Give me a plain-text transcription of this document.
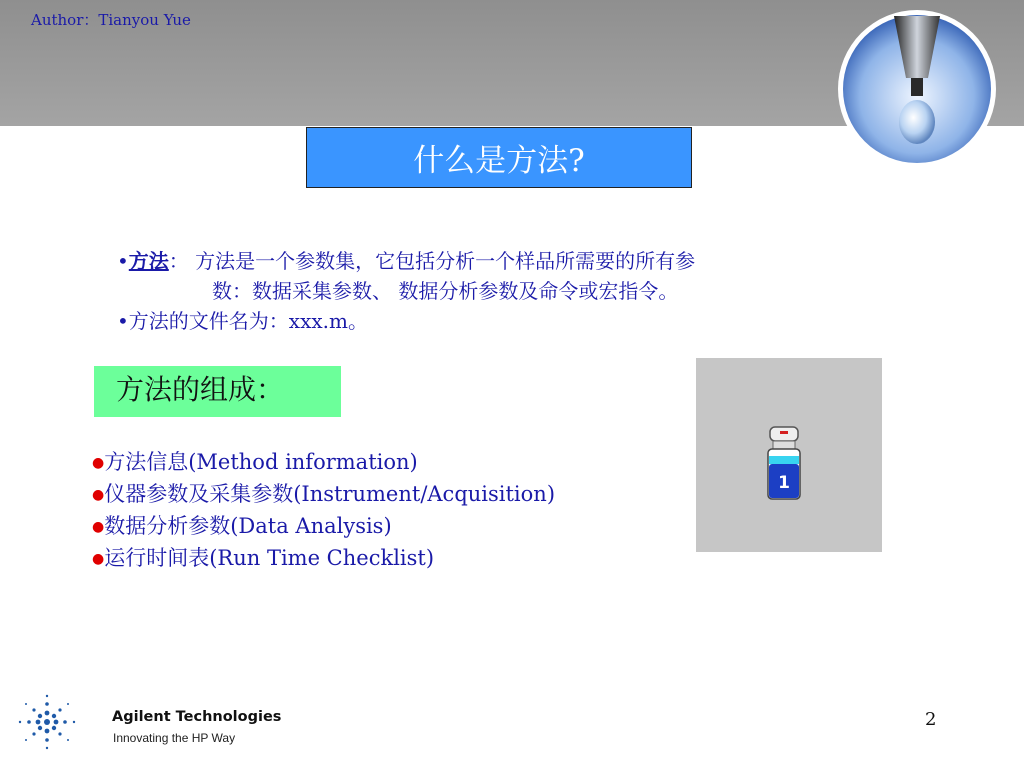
Author：Tianyou Yue
什么是方法?
•方法： 方法是一个参数集，它包括分析一个样品所需要的所有参
数：数据采集参数、 数据分析参数及命令或宏指令。
•方法的文件名为：xxx.m。
方法的组成：
●方法信息(Method information)
●仪器参数及采集参数(Instrument/Acquisition)
●数据分析参数(Data Analysis)
●运行时间表(Run Time Checklist)
1
Agilent Technologies
Innovating the HP Way
2
